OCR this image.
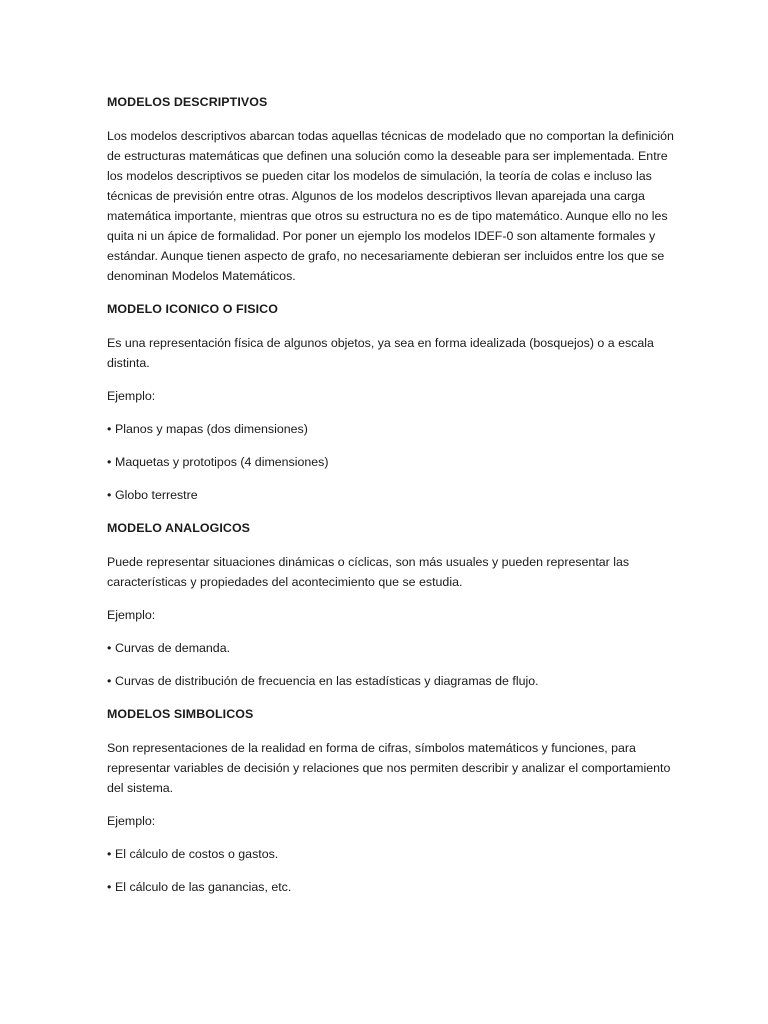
MODELOS DESCRIPTIVOS

Los modelos descriptivos abarcan todas aquellas técnicas de modelado que no comportan la definición de estructuras matemáticas que definen una solución como la deseable para ser implementada. Entre los modelos descriptivos se pueden citar los modelos de simulación, la teoría de colas e incluso las técnicas de previsión entre otras. Algunos de los modelos descriptivos llevan aparejada una carga matemática importante, mientras que otros su estructura no es de tipo matemático. Aunque ello no les quita ni un ápice de formalidad. Por poner un ejemplo los modelos IDEF-0 son altamente formales y estándar. Aunque tienen aspecto de grafo, no necesariamente debieran ser incluidos entre los que se denominan Modelos Matemáticos.

MODELO ICONICO O FISICO

Es una representación física de algunos objetos, ya sea en forma idealizada (bosquejos) o a escala distinta.

Ejemplo:

• Planos y mapas (dos dimensiones)
• Maquetas y prototipos (4 dimensiones)
• Globo terrestre
MODELO ANALOGICOS

Puede representar situaciones dinámicas o cíclicas, son más usuales y pueden representar las características y propiedades del acontecimiento que se estudia.

Ejemplo:

• Curvas de demanda.
• Curvas de distribución de frecuencia en las estadísticas y diagramas de flujo.
MODELOS SIMBOLICOS

Son representaciones de la realidad en forma de cifras, símbolos matemáticos y funciones, para representar variables de decisión y relaciones que nos permiten describir y analizar el comportamiento del sistema.

Ejemplo:

• El cálculo de costos o gastos.
• El cálculo de las ganancias, etc.
